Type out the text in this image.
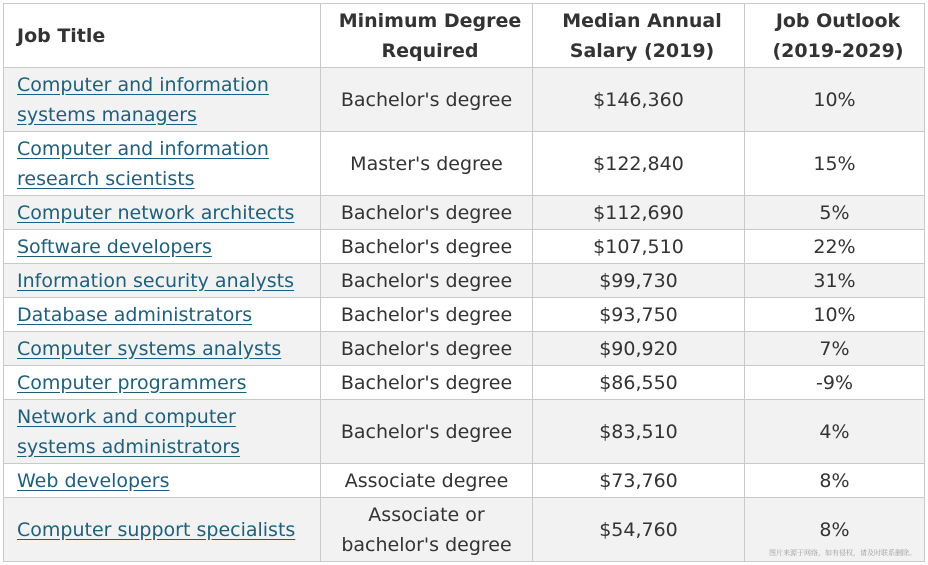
Job Title	Minimum Degree Required	Median Annual Salary (2019)	Job Outlook (2019-2029)
Computer and information systems managers	Bachelor's degree	$146,360	10%
Computer and information research scientists	Master's degree	$122,840	15%
Computer network architects	Bachelor's degree	$112,690	5%
Software developers	Bachelor's degree	$107,510	22%
Information security analysts	Bachelor's degree	$99,730	31%
Database administrators	Bachelor's degree	$93,750	10%
Computer systems analysts	Bachelor's degree	$90,920	7%
Computer programmers	Bachelor's degree	$86,550	-9%
Network and computer systems administrators	Bachelor's degree	$83,510	4%
Web developers	Associate degree	$73,760	8%
Computer support specialists	Associate or bachelor's degree	$54,760	8%
图片来源于网络，如有侵权，请及时联系删除。
